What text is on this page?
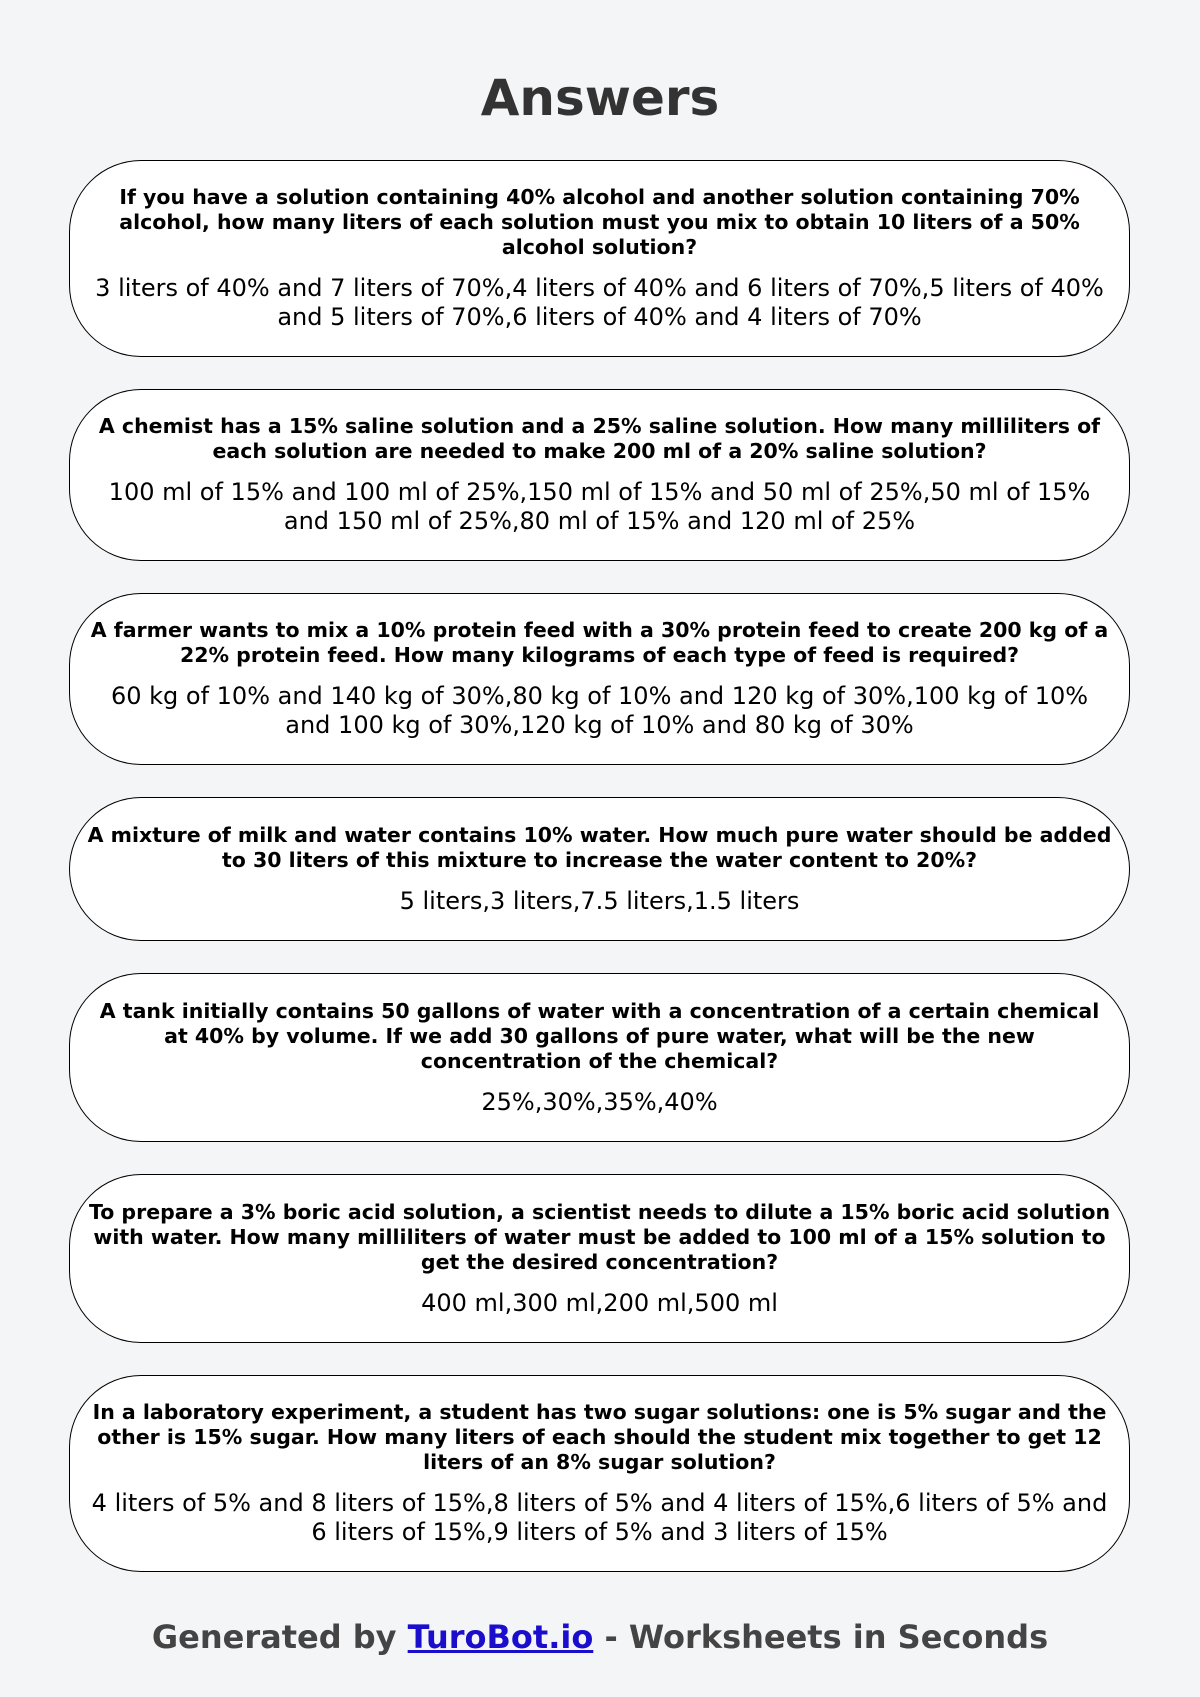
Answers

If you have a solution containing 40% alcohol and another solution containing 70% alcohol, how many liters of each solution must you mix to obtain 10 liters of a 50% alcohol solution?

3 liters of 40% and 7 liters of 70%,4 liters of 40% and 6 liters of 70%,5 liters of 40% and 5 liters of 70%,6 liters of 40% and 4 liters of 70%

A chemist has a 15% saline solution and a 25% saline solution. How many milliliters of each solution are needed to make 200 ml of a 20% saline solution?

100 ml of 15% and 100 ml of 25%,150 ml of 15% and 50 ml of 25%,50 ml of 15% and 150 ml of 25%,80 ml of 15% and 120 ml of 25%

A farmer wants to mix a 10% protein feed with a 30% protein feed to create 200 kg of a 22% protein feed. How many kilograms of each type of feed is required?

60 kg of 10% and 140 kg of 30%,80 kg of 10% and 120 kg of 30%,100 kg of 10% and 100 kg of 30%,120 kg of 10% and 80 kg of 30%

A mixture of milk and water contains 10% water. How much pure water should be added to 30 liters of this mixture to increase the water content to 20%?

5 liters,3 liters,7.5 liters,1.5 liters

A tank initially contains 50 gallons of water with a concentration of a certain chemical at 40% by volume. If we add 30 gallons of pure water, what will be the new concentration of the chemical?

25%,30%,35%,40%

To prepare a 3% boric acid solution, a scientist needs to dilute a 15% boric acid solution with water. How many milliliters of water must be added to 100 ml of a 15% solution to get the desired concentration?

400 ml,300 ml,200 ml,500 ml

In a laboratory experiment, a student has two sugar solutions: one is 5% sugar and the other is 15% sugar. How many liters of each should the student mix together to get 12 liters of an 8% sugar solution?

4 liters of 5% and 8 liters of 15%,8 liters of 5% and 4 liters of 15%,6 liters of 5% and 6 liters of 15%,9 liters of 5% and 3 liters of 15%

Generated by TuroBot.io - Worksheets in Seconds
